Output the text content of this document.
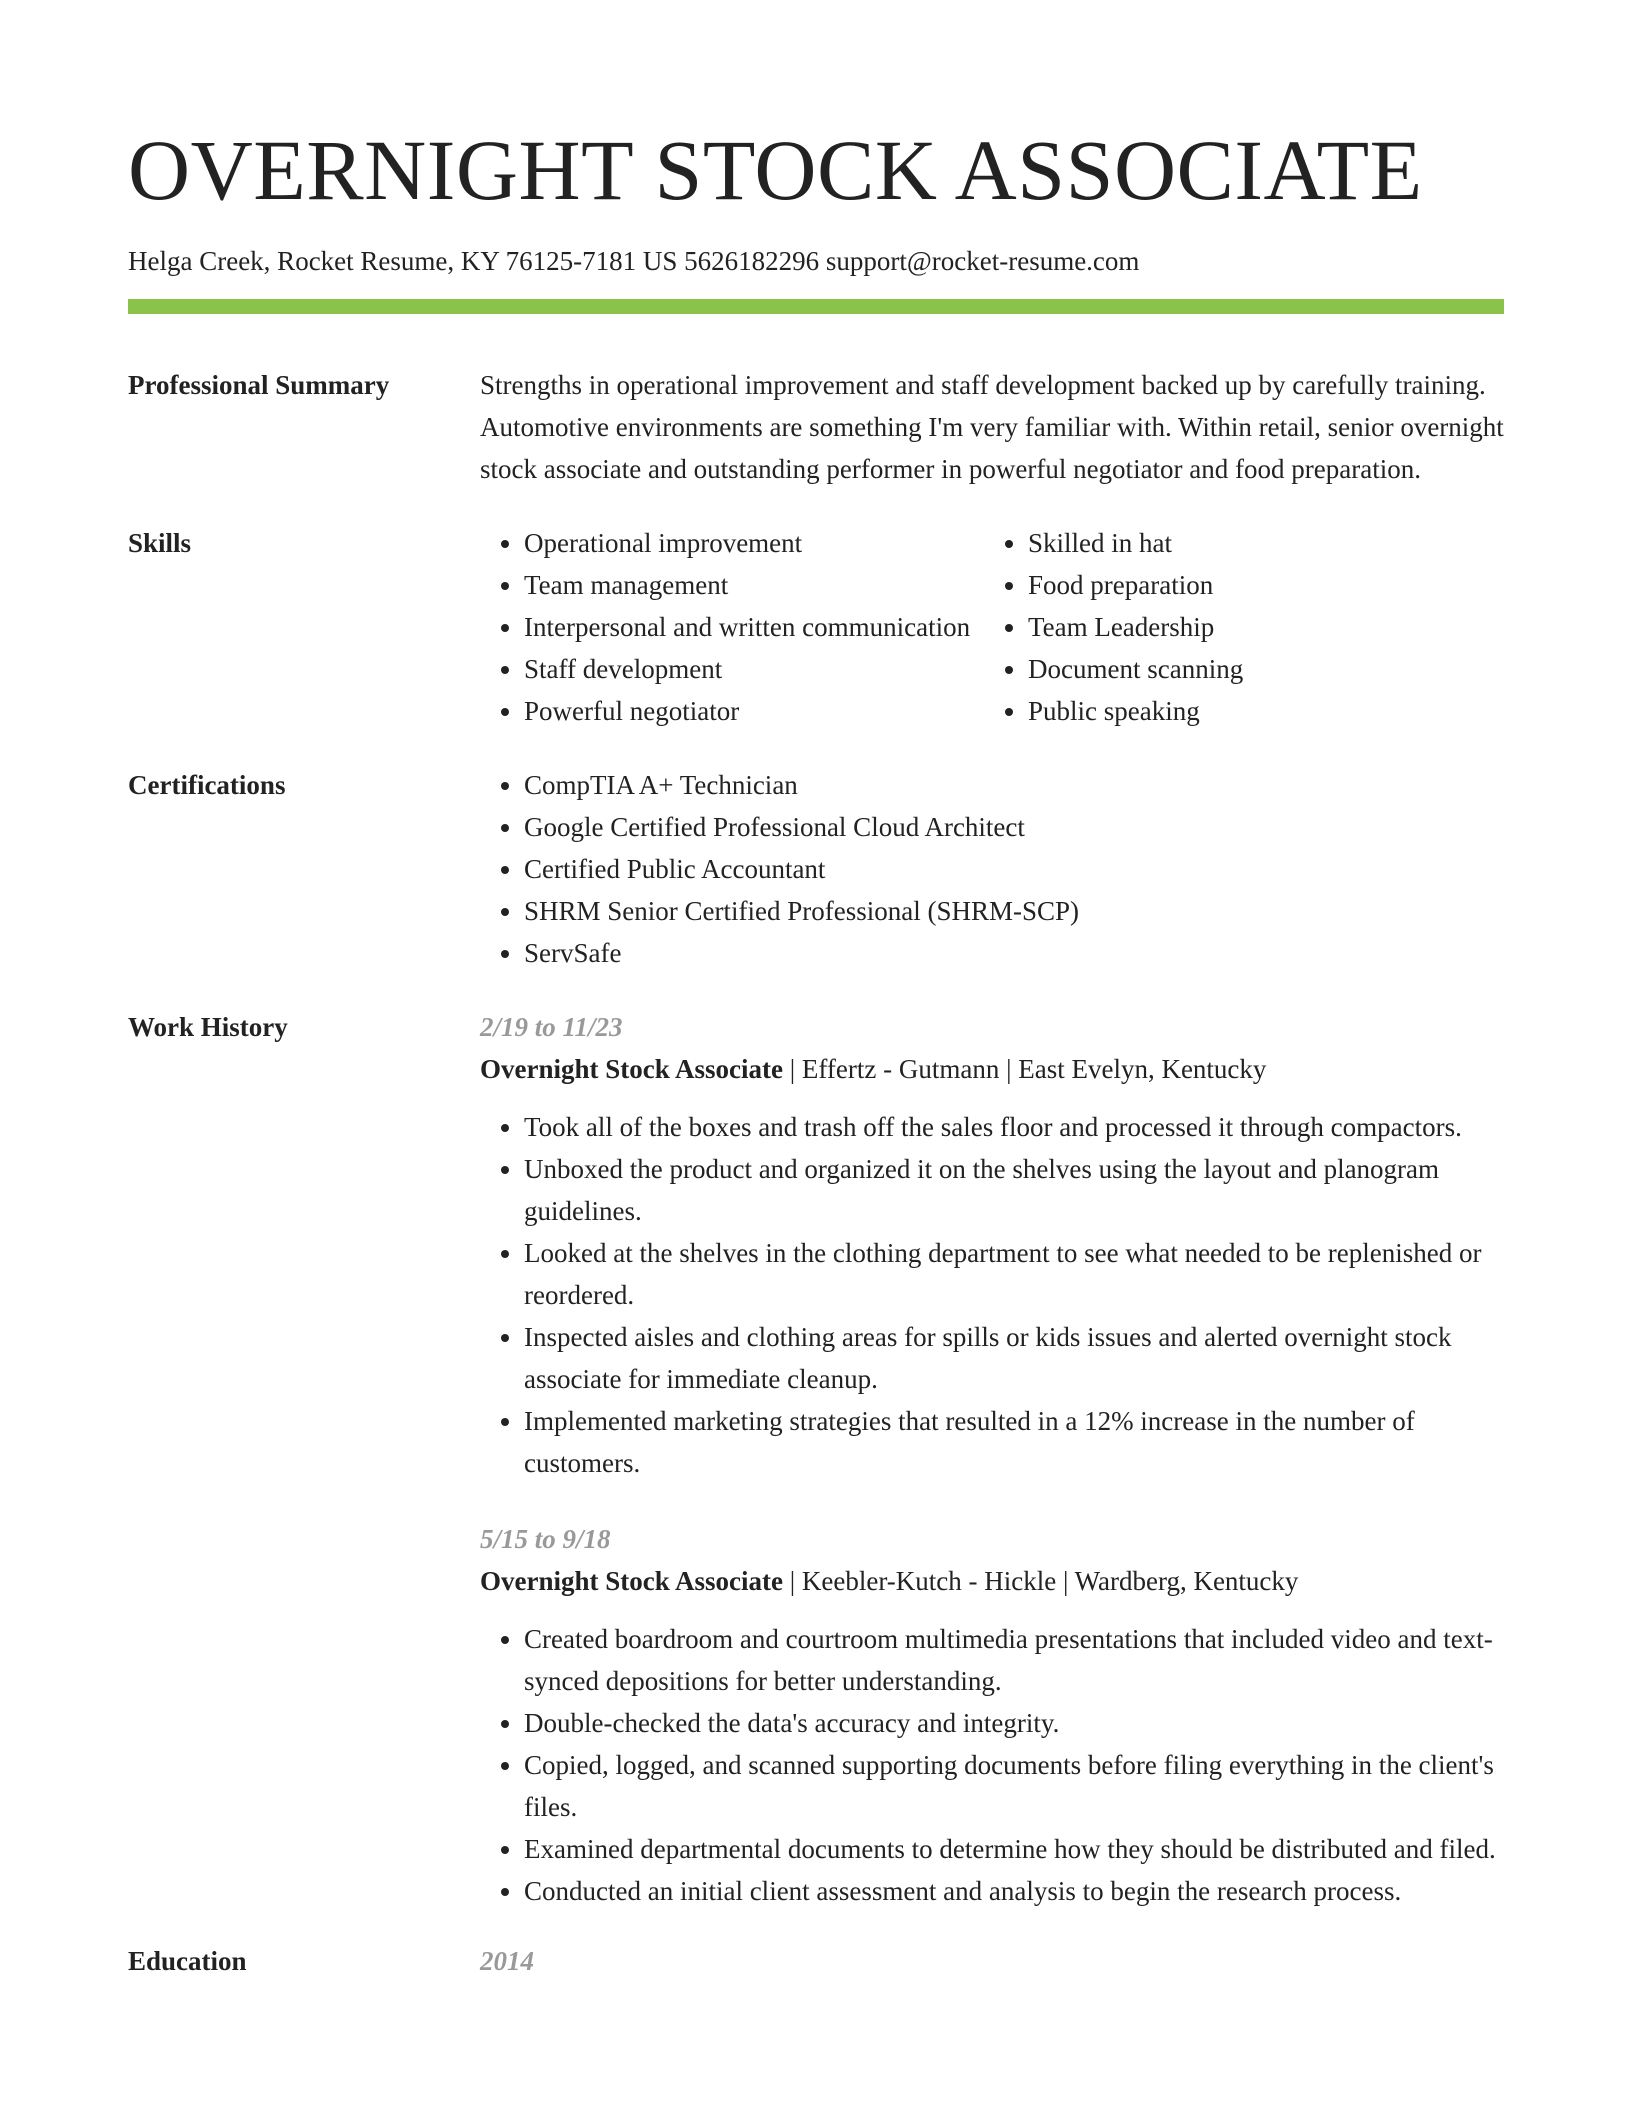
OVERNIGHT STOCK ASSOCIATE
Helga Creek, Rocket Resume, KY 76125-7181 US 5626182296 support@rocket-resume.com
Professional Summary	Strengths in operational improvement and staff development backed up by carefully training. Automotive environments are something I'm very familiar with. Within retail, senior overnight stock associate and outstanding performer in powerful negotiator and food preparation.

Skills	• Operational improvement
• Team management
• Interpersonal and written communication
• Staff development
• Powerful negotiator
• Skilled in hat
• Food preparation
• Team Leadership
• Document scanning
• Public speaking
Certifications	• CompTIA A+ Technician
• Google Certified Professional Cloud Architect
• Certified Public Accountant
• SHRM Senior Certified Professional (SHRM-SCP)
• ServSafe
Work History	2/19 to 11/23
Overnight Stock Associate | Effertz - Gutmann | East Evelyn, Kentucky
• Took all of the boxes and trash off the sales floor and processed it through compactors.
• Unboxed the product and organized it on the shelves using the layout and planogram guidelines.
• Looked at the shelves in the clothing department to see what needed to be replenished or reordered.
• Inspected aisles and clothing areas for spills or kids issues and alerted overnight stock associate for immediate cleanup.
• Implemented marketing strategies that resulted in a 12% increase in the number of customers.
5/15 to 9/18
Overnight Stock Associate | Keebler-Kutch - Hickle | Wardberg, Kentucky
• Created boardroom and courtroom multimedia presentations that included video and text-synced depositions for better understanding.
• Double-checked the data's accuracy and integrity.
• Copied, logged, and scanned supporting documents before filing everything in the client's files.
• Examined departmental documents to determine how they should be distributed and filed.
• Conducted an initial client assessment and analysis to begin the research process.
Education	2014
